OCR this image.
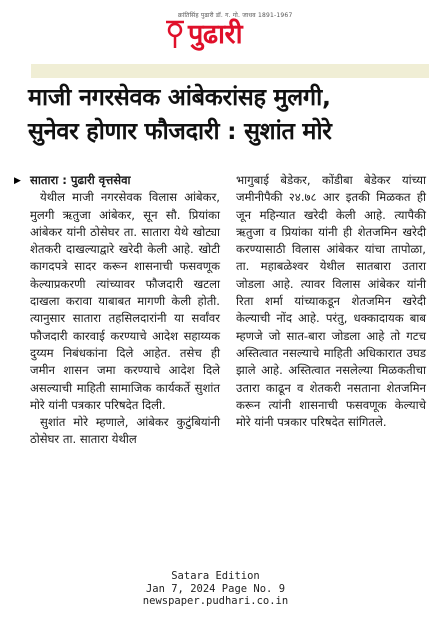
क्रांतिसिंह पुढारी डॉ. ग. गो. जाधव 1891-1967
पुढारी
माजी नगरसेवक आंबेकरांसह मुलगी,
सुनेवर होणार फौजदारी : सुशांत मोरे
▶ सातारा : पुढारी वृत्तसेवा

येथील माजी नगरसेवक विलास आंबेकर, मुलगी ऋतुजा आंबेकर, सून सौ. प्रियांका आंबेकर यांनी ठोसेघर ता. सातारा येथे खोट्या शेतकरी दाखल्याद्वारे खरेदी केली आहे. खोटी कागदपत्रे सादर करून शासनाची फसवणूक केल्याप्रकरणी त्यांच्यावर फौजदारी खटला दाखला करावा याबाबत मागणी केली होती. त्यानुसार सातारा तहसिलदारांनी या सर्वांवर फौजदारी कारवाई करण्याचे आदेश सहाय्यक दुय्यम निबंधकांना दिले आहेत. तसेच ही जमीन शासन जमा करण्याचे आदेश दिले असल्याची माहिती सामाजिक कार्यकर्ते सुशांत मोरे यांनी पत्रकार परिषदेत दिली.

सुशांत मोरे म्हणाले, आंबेकर कुटुंबियांनी ठोसेघर ता. सातारा येथील

भागुबाई बेडेकर, कोंडीबा बेडेकर यांच्या जमीनीपैकी २४.७८ आर इतकी मिळकत ही जून महिन्यात खरेदी केली आहे. त्यापैकी ऋतुजा व प्रियांका यांनी ही शेतजमिन खरेदी करण्यासाठी विलास आंबेकर यांचा तापोळा, ता. महाबळेश्वर येथील सातबारा उतारा जोडला आहे. त्यावर विलास आंबेकर यांनी रिता शर्मा यांच्याकडून शेतजमिन खरेदी केल्याची नोंद आहे. परंतु, धक्कादायक बाब म्हणजे जो सात-बारा जोडला आहे तो गटच अस्तित्वात नसल्याचे माहिती अधिकारात उघड झाले आहे. अस्तित्वात नसलेल्या मिळकतीचा उतारा काढून व शेतकरी नसताना शेतजमिन करून त्यांनी शासनाची फसवणूक केल्याचे मोरे यांनी पत्रकार परिषदेत सांगितले.

Satara Edition
Jan 7, 2024 Page No. 9
newspaper.pudhari.co.in
